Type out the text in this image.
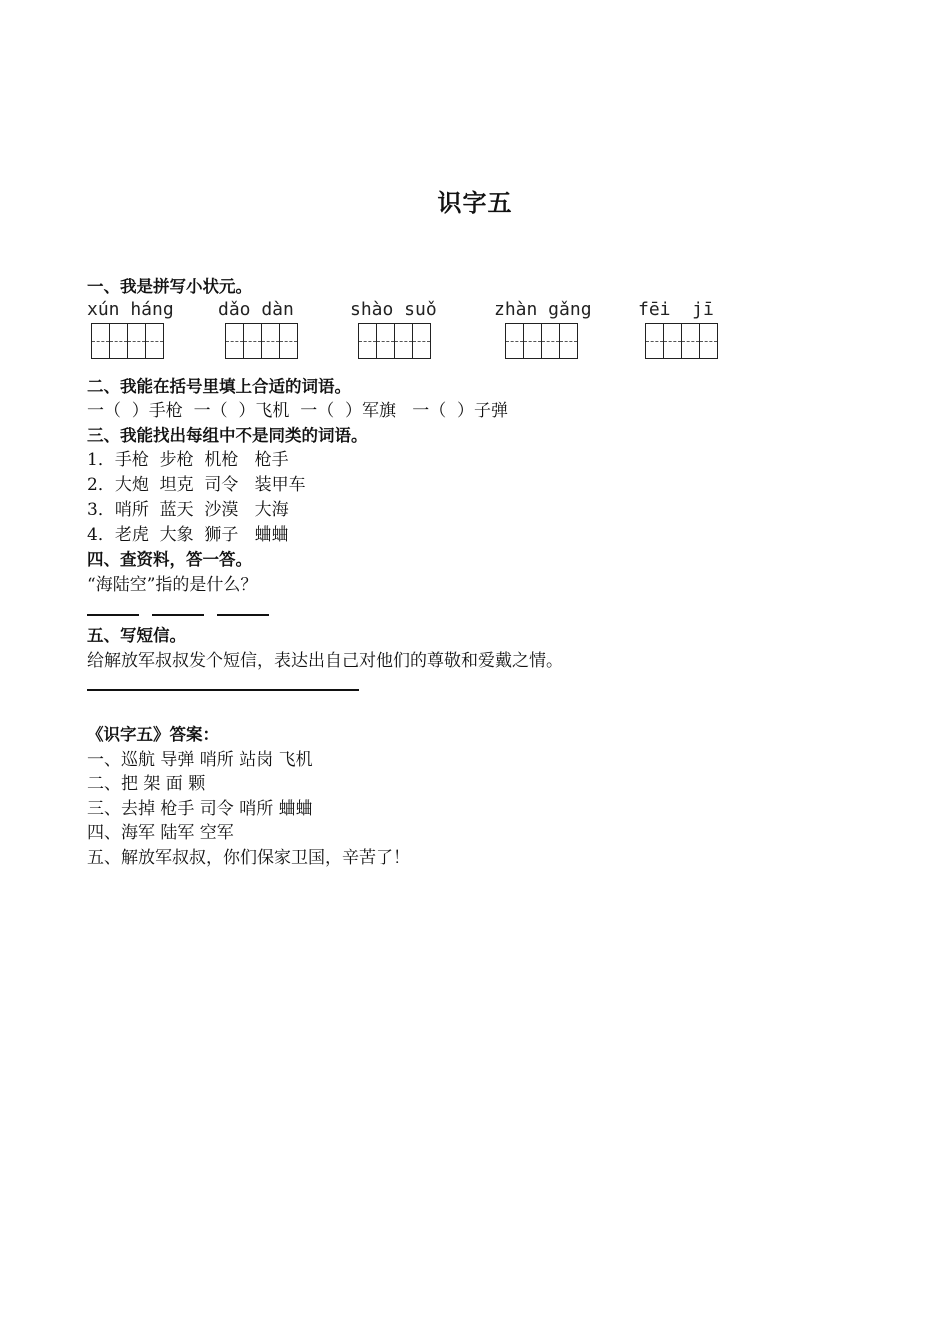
识字五
一、我是拼写小状元。
xún háng dǎo dàn	shào suǒ	zhàn gǎng	fēi  jī
二、我能在括号里填上合适的词语。
一（  ）手枪  一（  ）飞机  一（  ）军旗   一（  ）子弹
三、我能找出每组中不是同类的词语。
1．手枪  步枪  机枪   枪手
2．大炮  坦克  司令   装甲车
3．哨所  蓝天  沙漠   大海
4．老虎  大象  狮子   蛐蛐
四、查资料，答一答。
“海陆空”指的是什么？
五、写短信。
给解放军叔叔发个短信，表达出自己对他们的尊敬和爱戴之情。
《识字五》答案：
一、巡航 导弹 哨所 站岗 飞机
二、把 架 面 颗
三、去掉 枪手 司令 哨所 蛐蛐
四、海军 陆军 空军
五、解放军叔叔，你们保家卫国，辛苦了！
